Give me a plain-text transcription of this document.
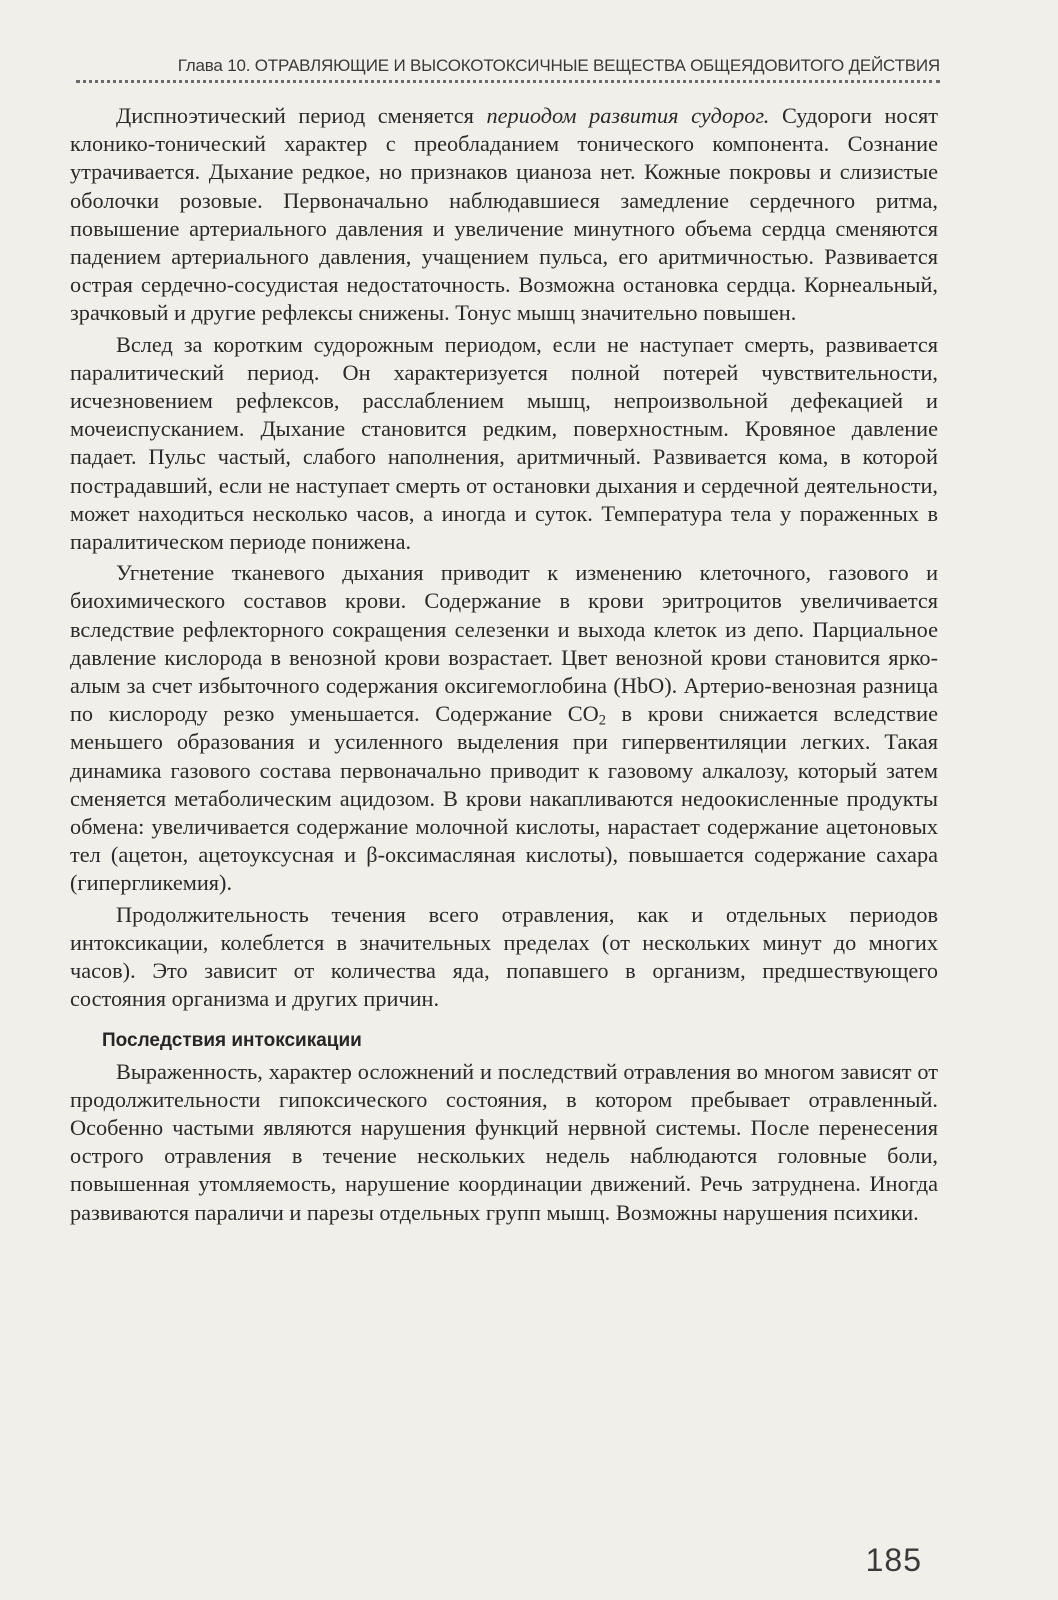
Глава 10. ОТРАВЛЯЮЩИЕ И ВЫСОКОТОКСИЧНЫЕ ВЕЩЕСТВА ОБЩЕЯДОВИТОГО ДЕЙСТВИЯ

Диспноэтический период сменяется периодом развития судорог. Судороги носят клонико-тонический характер с преобладанием тонического компонента. Сознание утрачивается. Дыхание редкое, но признаков цианоза нет. Кожные покровы и слизистые оболочки розовые. Первоначально наблюдавшиеся замедление сердечного ритма, повышение артериального давления и увеличение минутного объема сердца сменяются падением артериального давления, учащением пульса, его аритмичностью. Развивается острая сердечно-сосудистая недостаточность. Возможна остановка сердца. Корнеальный, зрачковый и другие рефлексы снижены. Тонус мышц значительно повышен.

Вслед за коротким судорожным периодом, если не наступает смерть, развивается паралитический период. Он характеризуется полной потерей чувствительности, исчезновением рефлексов, расслаблением мышц, непроизвольной дефекацией и мочеиспусканием. Дыхание становится редким, поверхностным. Кровяное давление падает. Пульс частый, слабого наполнения, аритмичный. Развивается кома, в которой пострадавший, если не наступает смерть от остановки дыхания и сердечной деятельности, может находиться несколько часов, а иногда и суток. Температура тела у пораженных в паралитическом периоде понижена.

Угнетение тканевого дыхания приводит к изменению клеточного, газового и биохимического составов крови. Содержание в крови эритроцитов увеличивается вследствие рефлекторного сокращения селезенки и выхода клеток из депо. Парциальное давление кислорода в венозной крови возрастает. Цвет венозной крови становится ярко-алым за счет избыточного содержания оксигемоглобина (HbO). Артерио-венозная разница по кислороду резко уменьшается. Содержание $CO_2$ в крови снижается вследствие меньшего образования и усиленного выделения при гипервентиляции легких. Такая динамика газового состава первоначально приводит к газовому алкалозу, который затем сменяется метаболическим ацидозом. В крови накапливаются недоокисленные продукты обмена: увеличивается содержание молочной кислоты, нарастает содержание ацетоновых тел (ацетон, ацетоуксусная и β-оксимасляная кислоты), повышается содержание сахара (гипергликемия).

Продолжительность течения всего отравления, как и отдельных периодов интоксикации, колеблется в значительных пределах (от нескольких минут до многих часов). Это зависит от количества яда, попавшего в организм, предшествующего состояния организма и других причин.

Последствия интоксикации

Выраженность, характер осложнений и последствий отравления во многом зависят от продолжительности гипоксического состояния, в котором пребывает отравленный. Особенно частыми являются нарушения функций нервной системы. После перенесения острого отравления в течение нескольких недель наблюдаются головные боли, повышенная утомляемость, нарушение координации движений. Речь затруднена. Иногда развиваются параличи и парезы отдельных групп мышц. Возможны нарушения психики.

185
